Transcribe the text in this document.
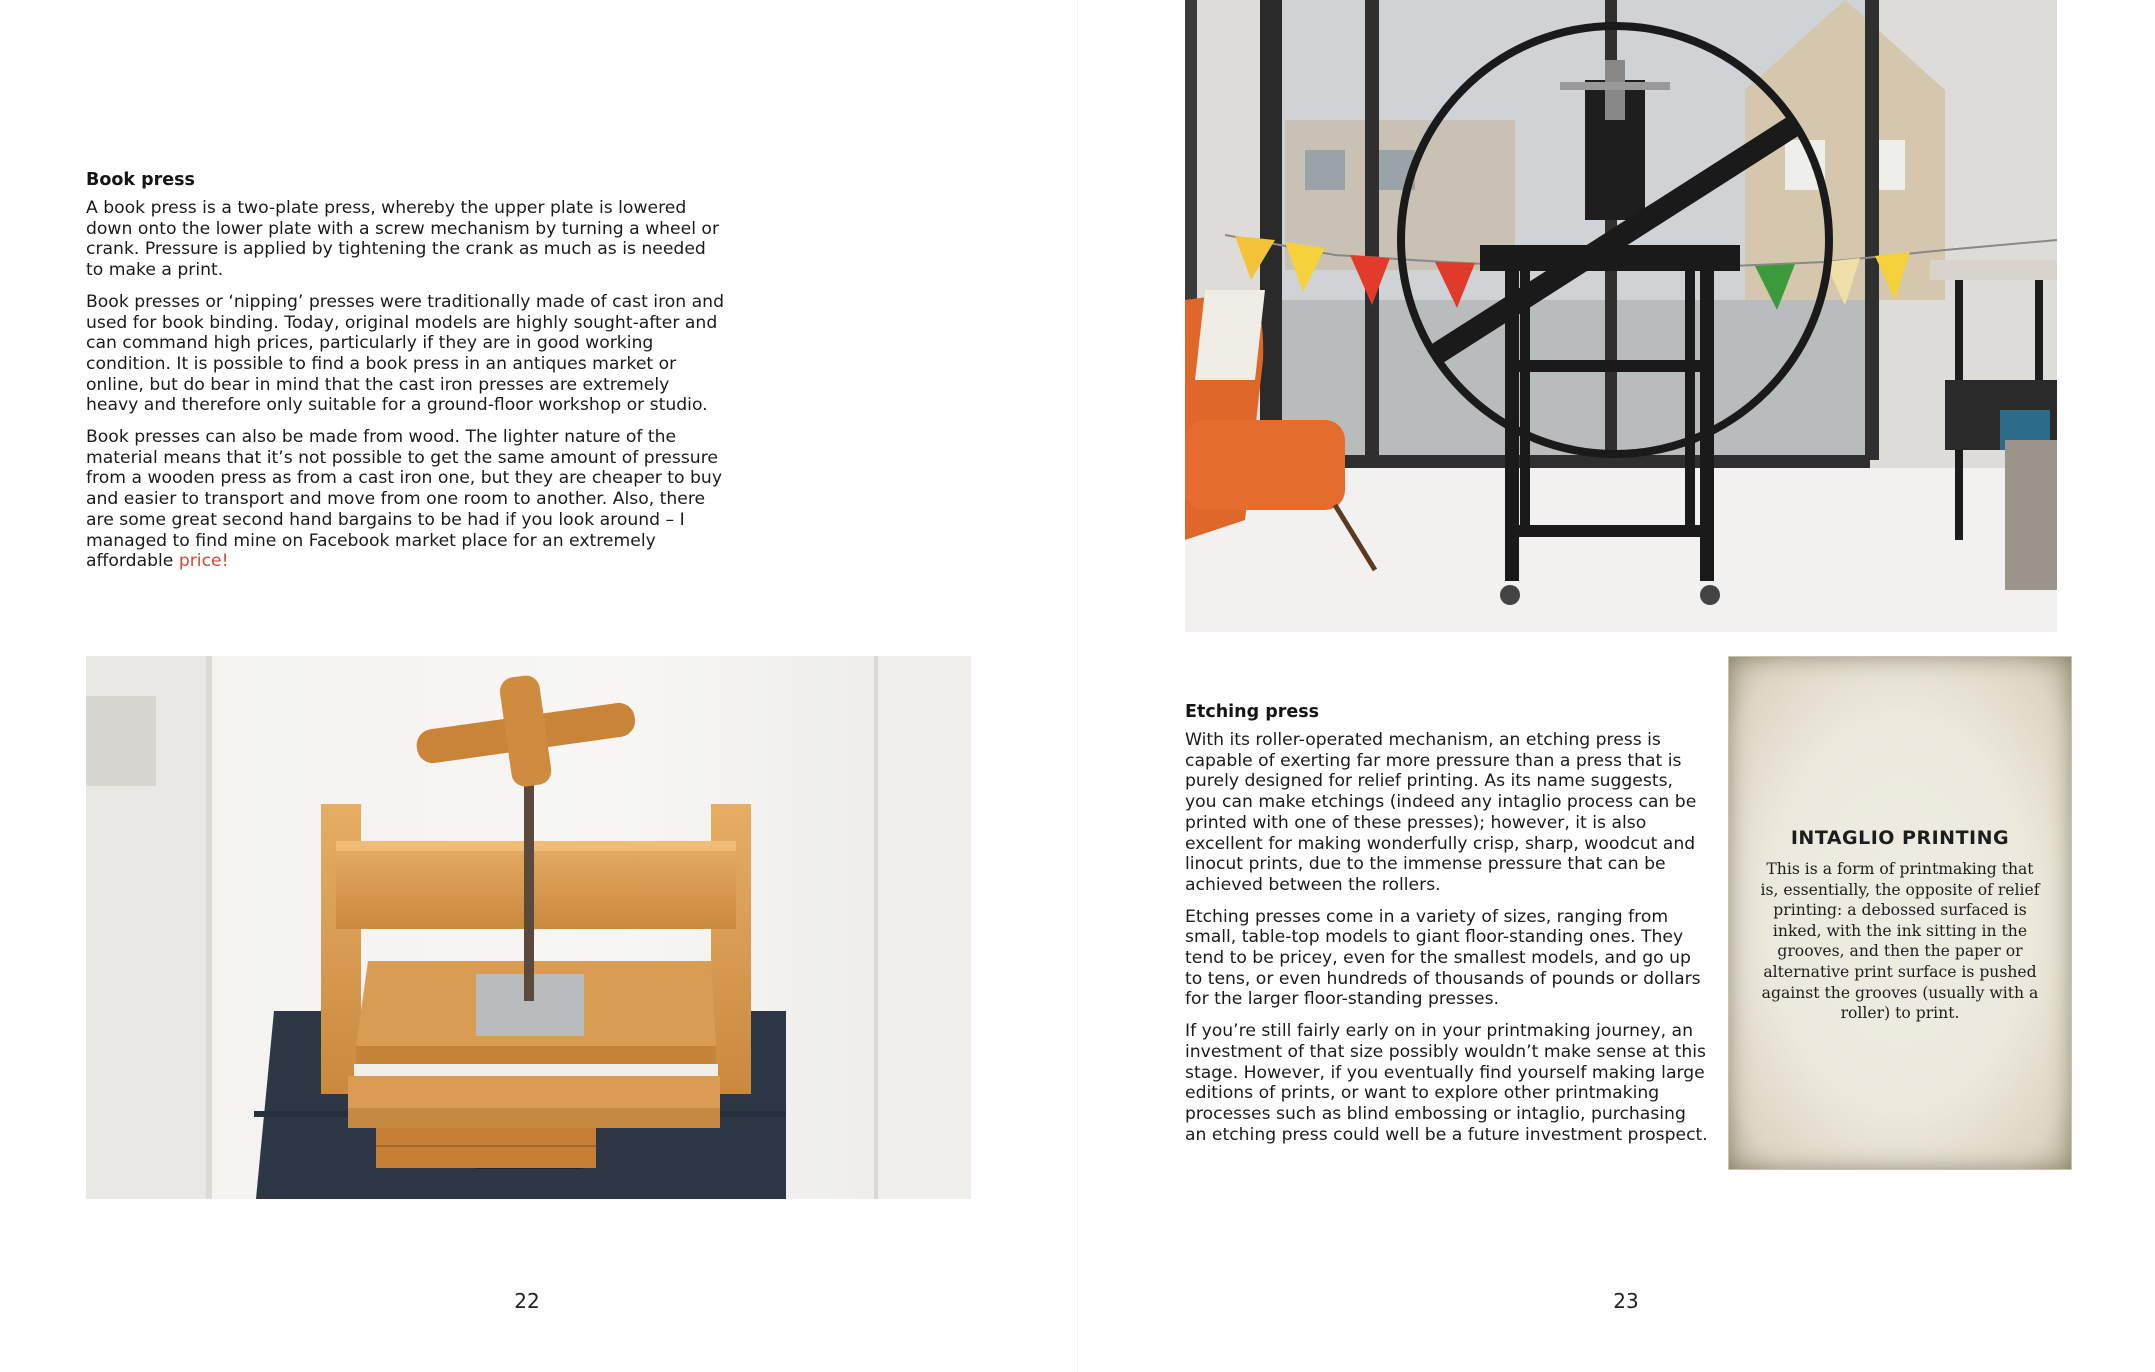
Book press

A book press is a two-plate press, whereby the upper plate is lowered down onto the lower plate with a screw mechanism by turning a wheel or crank. Pressure is applied by tightening the crank as much as is needed to make a print.

Book presses or ‘nipping’ presses were traditionally made of cast iron and used for book binding. Today, original models are highly sought-after and can command high prices, particularly if they are in good working condition. It is possible to find a book press in an antiques market or online, but do bear in mind that the cast iron presses are extremely heavy and therefore only suitable for a ground-floor workshop or studio.

Book presses can also be made from wood. The lighter nature of the material means that it’s not possible to get the same amount of pressure from a wooden press as from a cast iron one, but they are cheaper to buy and easier to transport and move from one room to another. Also, there are some great second hand bargains to be had if you look around – I managed to find mine on Facebook market place for an extremely affordable price!

22
Etching press

With its roller-operated mechanism, an etching press is capable of exerting far more pressure than a press that is purely designed for relief printing. As its name suggests, you can make etchings (indeed any intaglio process can be printed with one of these presses); however, it is also excellent for making wonderfully crisp, sharp, woodcut and linocut prints, due to the immense pressure that can be achieved between the rollers.

Etching presses come in a variety of sizes, ranging from small, table-top models to giant floor-standing ones. They tend to be pricey, even for the smallest models, and go up to tens, or even hundreds of thousands of pounds or dollars for the larger floor-standing presses.

If you’re still fairly early on in your printmaking journey, an investment of that size possibly wouldn’t make sense at this stage. However, if you eventually find yourself making large editions of prints, or want to explore other printmaking processes such as blind embossing or intaglio, purchasing an etching press could well be a future investment prospect.

INTAGLIO PRINTING
This is a form of printmaking that is, essentially, the opposite of relief printing: a debossed surfaced is inked, with the ink sitting in the grooves, and then the paper or alternative print surface is pushed against the grooves (usually with a roller) to print.
23
